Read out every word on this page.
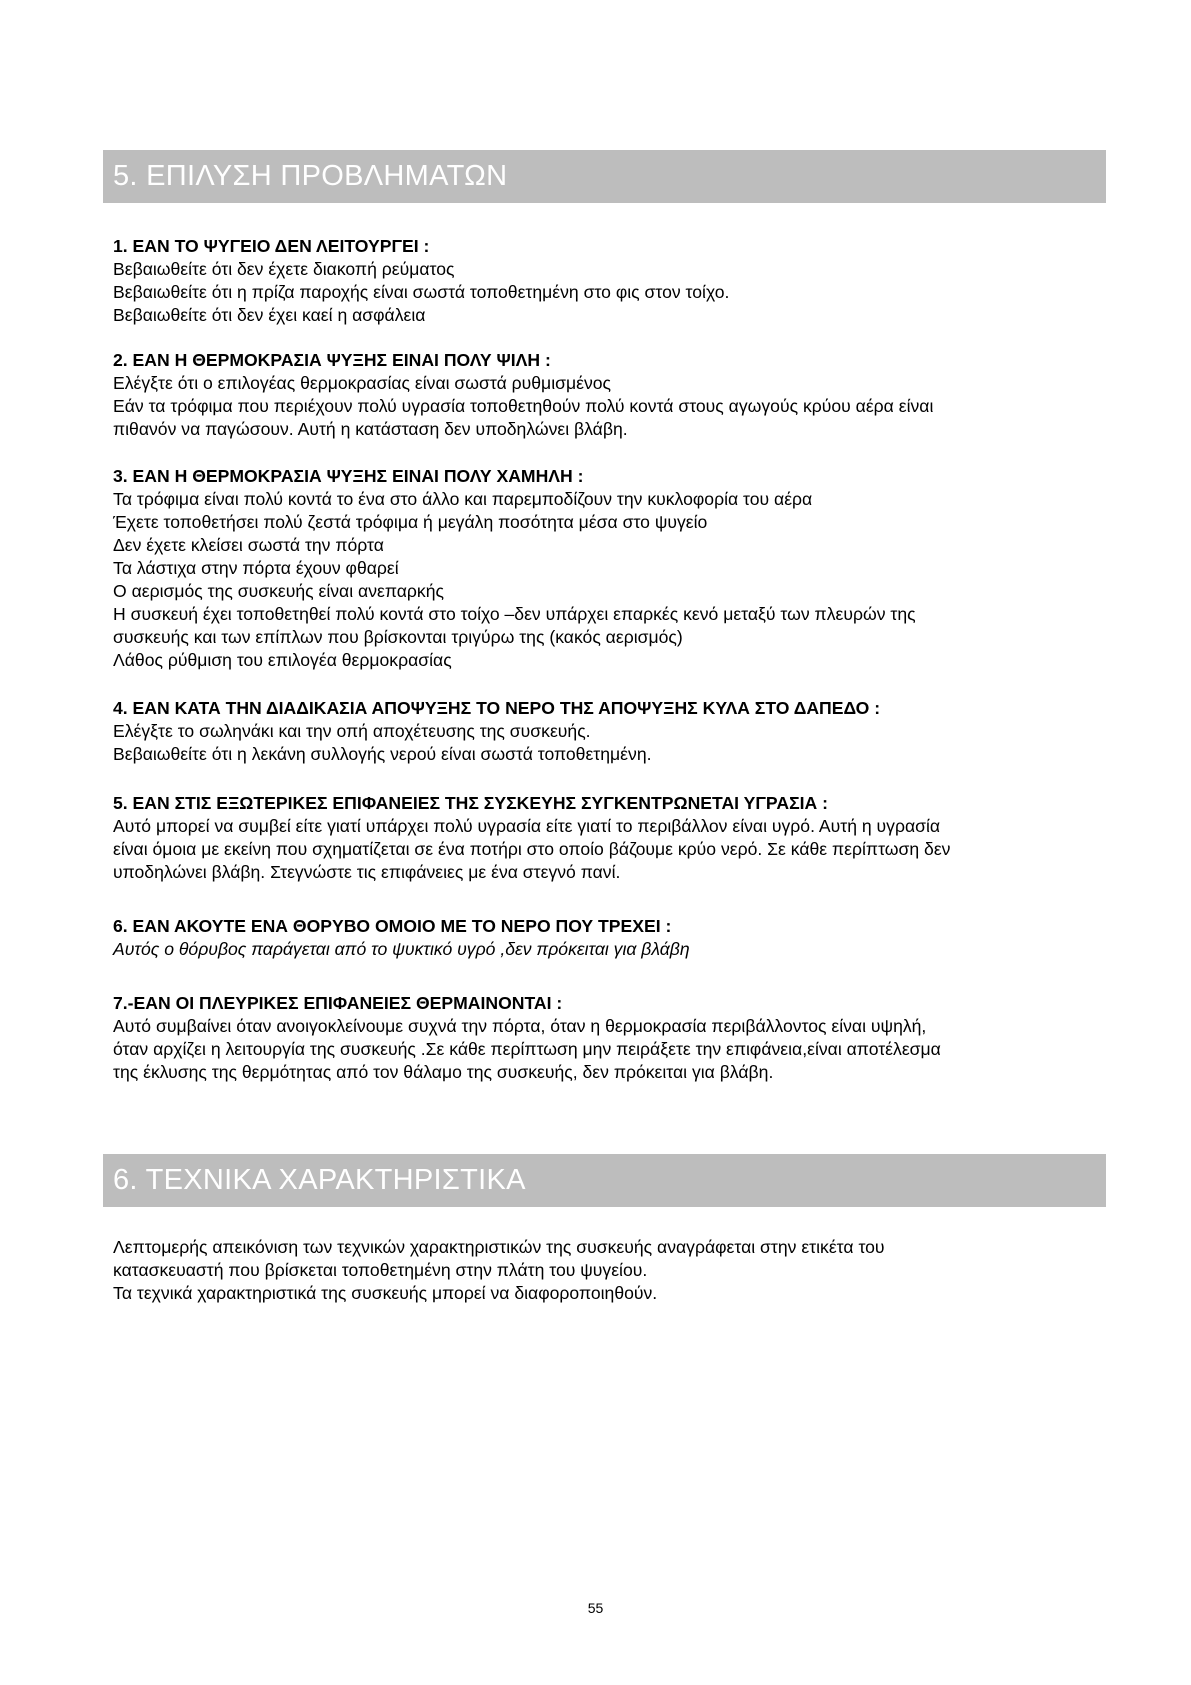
5. ΕΠΙΛΥΣΗ ΠΡΟΒΛΗΜΑΤΩΝ
1. ΕΑΝ ΤΟ ΨΥΓΕΙΟ ΔΕΝ ΛΕΙΤΟΥΡΓΕΙ :
Βεβαιωθείτε ότι δεν έχετε διακοπή ρεύματος
Βεβαιωθείτε ότι η πρίζα παροχής είναι σωστά τοποθετημένη στο φις στον τοίχο.
Βεβαιωθείτε ότι δεν έχει καεί η ασφάλεια
2. ΕΑΝ Η ΘΕΡΜΟΚΡΑΣΙΑ ΨΥΞΗΣ ΕΙΝΑΙ ΠΟΛΥ ΨΙΛΗ :
Ελέγξτε ότι ο επιλογέας θερμοκρασίας είναι σωστά ρυθμισμένος
Εάν τα τρόφιμα που περιέχουν πολύ υγρασία τοποθετηθούν πολύ κοντά στους αγωγούς κρύου αέρα είναι
πιθανόν να παγώσουν. Αυτή η κατάσταση δεν υποδηλώνει βλάβη.
3. ΕΑΝ Η ΘΕΡΜΟΚΡΑΣΙΑ ΨΥΞΗΣ ΕΙΝΑΙ ΠΟΛΥ ΧΑΜΗΛΗ :
Τα τρόφιμα είναι πολύ κοντά το ένα στο άλλο και παρεμποδίζουν την κυκλοφορία του αέρα
Έχετε τοποθετήσει πολύ ζεστά τρόφιμα ή μεγάλη ποσότητα μέσα στο ψυγείο
Δεν έχετε κλείσει σωστά την πόρτα
Τα λάστιχα στην πόρτα έχουν φθαρεί
Ο αερισμός της συσκευής είναι ανεπαρκής
Η συσκευή έχει τοποθετηθεί πολύ κοντά στο τοίχο –δεν υπάρχει επαρκές κενό μεταξύ των πλευρών της
συσκευής και των επίπλων που βρίσκονται τριγύρω της (κακός αερισμός)
Λάθος ρύθμιση του επιλογέα θερμοκρασίας
4. ΕΑΝ ΚΑΤΑ ΤΗΝ ΔΙΑΔΙΚΑΣΙΑ ΑΠΟΨΥΞΗΣ ΤΟ ΝΕΡΟ ΤΗΣ ΑΠΟΨΥΞΗΣ ΚΥΛΑ ΣΤΟ ΔΑΠΕΔΟ :
Ελέγξτε το σωληνάκι και την οπή αποχέτευσης της συσκευής.
Βεβαιωθείτε ότι η λεκάνη συλλογής νερού είναι σωστά τοποθετημένη.
5. ΕΑΝ ΣΤΙΣ ΕΞΩΤΕΡΙΚΕΣ ΕΠΙΦΑΝΕΙΕΣ ΤΗΣ ΣΥΣΚΕΥΗΣ ΣΥΓΚΕΝΤΡΩΝΕΤΑΙ ΥΓΡΑΣΙΑ :
Αυτό μπορεί να συμβεί είτε γιατί υπάρχει πολύ υγρασία είτε γιατί το περιβάλλον είναι υγρό. Αυτή η υγρασία
είναι όμοια με εκείνη που σχηματίζεται σε ένα ποτήρι στο οποίο βάζουμε κρύο νερό. Σε κάθε περίπτωση δεν
υποδηλώνει βλάβη. Στεγνώστε τις επιφάνειες με ένα στεγνό πανί.
6. ΕΑΝ ΑΚΟΥΤΕ ΕΝΑ ΘΟΡΥΒΟ ΟΜΟΙΟ ΜΕ ΤΟ ΝΕΡΟ ΠΟΥ ΤΡΕΧΕΙ :
Αυτός ο θόρυβος παράγεται από το ψυκτικό υγρό ,δεν πρόκειται για βλάβη
7.-ΕΑΝ ΟΙ ΠΛΕΥΡΙΚΕΣ ΕΠΙΦΑΝΕΙΕΣ ΘΕΡΜΑΙΝΟΝΤΑΙ :
Αυτό συμβαίνει όταν ανοιγοκλείνουμε συχνά την πόρτα, όταν η θερμοκρασία περιβάλλοντος είναι υψηλή,
όταν αρχίζει η λειτουργία της συσκευής .Σε κάθε περίπτωση μην πειράξετε την επιφάνεια,είναι αποτέλεσμα
της έκλυσης της θερμότητας από τον θάλαμο της συσκευής, δεν πρόκειται για βλάβη.
6. ΤΕΧΝΙΚΑ ΧΑΡΑΚΤΗΡΙΣΤΙΚΑ
Λεπτομερής απεικόνιση των τεχνικών χαρακτηριστικών της συσκευής αναγράφεται στην ετικέτα του
κατασκευαστή που βρίσκεται τοποθετημένη στην πλάτη του ψυγείου.
Τα τεχνικά χαρακτηριστικά της συσκευής μπορεί να διαφοροποιηθούν.
55
